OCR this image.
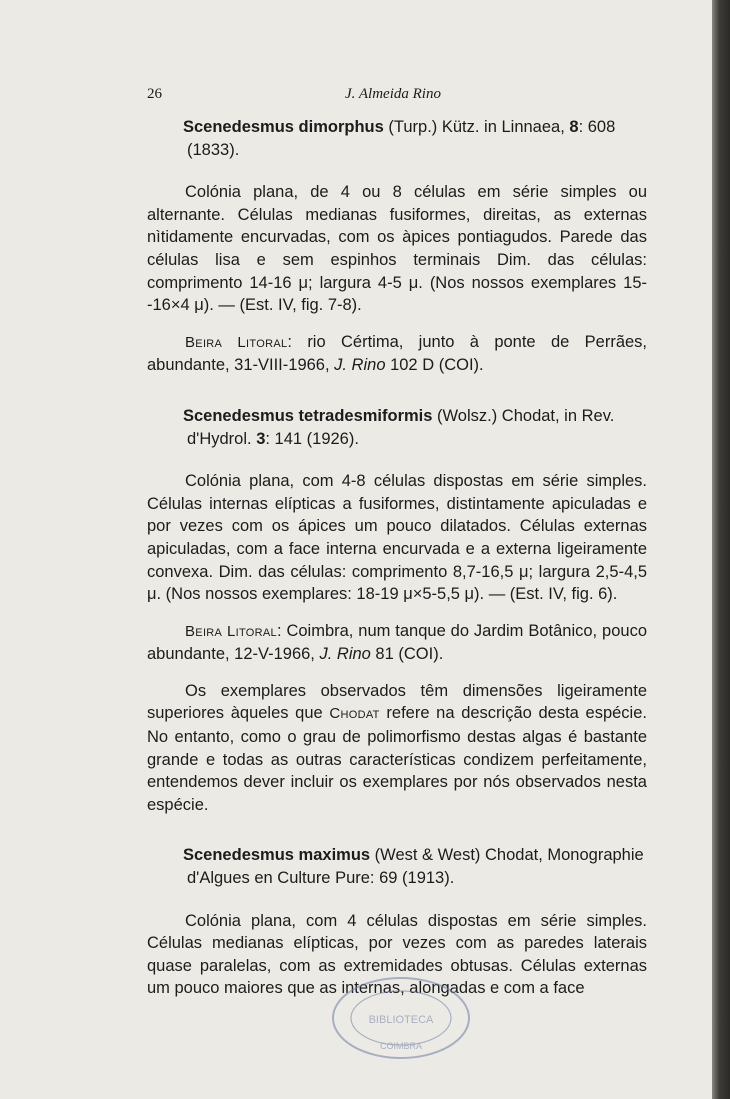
26	J. Almeida Rino

Scenedesmus dimorphus (Turp.) Kütz. in Linnaea, 8: 608 (1833).

Colónia plana, de 4 ou 8 células em série simples ou alternante. Células medianas fusiformes, direitas, as externas nìtidamente encurvadas, com os àpices pontiagudos. Parede das células lisa e sem espinhos terminais Dim. das células: comprimento 14-16 μ; largura 4-5 μ. (Nos nossos exemplares 15--16×4 μ). — (Est. IV, fig. 7-8).

Beira Litoral: rio Cértima, junto à ponte de Perrães, abundante, 31-VIII-1966, J. Rino 102 D (COI).

Scenedesmus tetradesmiformis (Wolsz.) Chodat, in Rev. d'Hydrol. 3: 141 (1926).

Colónia plana, com 4-8 células dispostas em série simples. Células internas elípticas a fusiformes, distintamente apiculadas e por vezes com os ápices um pouco dilatados. Células externas apiculadas, com a face interna encurvada e a externa ligeiramente convexa. Dim. das células: comprimento 8,7-16,5 μ; largura 2,5-4,5 μ. (Nos nossos exemplares: 18-19 μ×5-5,5 μ). — (Est. IV, fig. 6).

Beira Litoral: Coimbra, num tanque do Jardim Botânico, pouco abundante, 12-V-1966, J. Rino 81 (COI).

Os exemplares observados têm dimensões ligeiramente superiores àqueles que Chodat refere na descrição desta espécie. No entanto, como o grau de polimorfismo destas algas é bastante grande e todas as outras características condizem perfeitamente, entendemos dever incluir os exemplares por nós observados nesta espécie.

Scenedesmus maximus (West & West) Chodat, Monographie d'Algues en Culture Pure: 69 (1913).

Colónia plana, com 4 células dispostas em série simples. Células medianas elípticas, por vezes com as paredes laterais quase paralelas, com as extremidades obtusas. Células externas um pouco maiores que as internas, alongadas e com a face

BIBLIOTECA
COIMBRA
